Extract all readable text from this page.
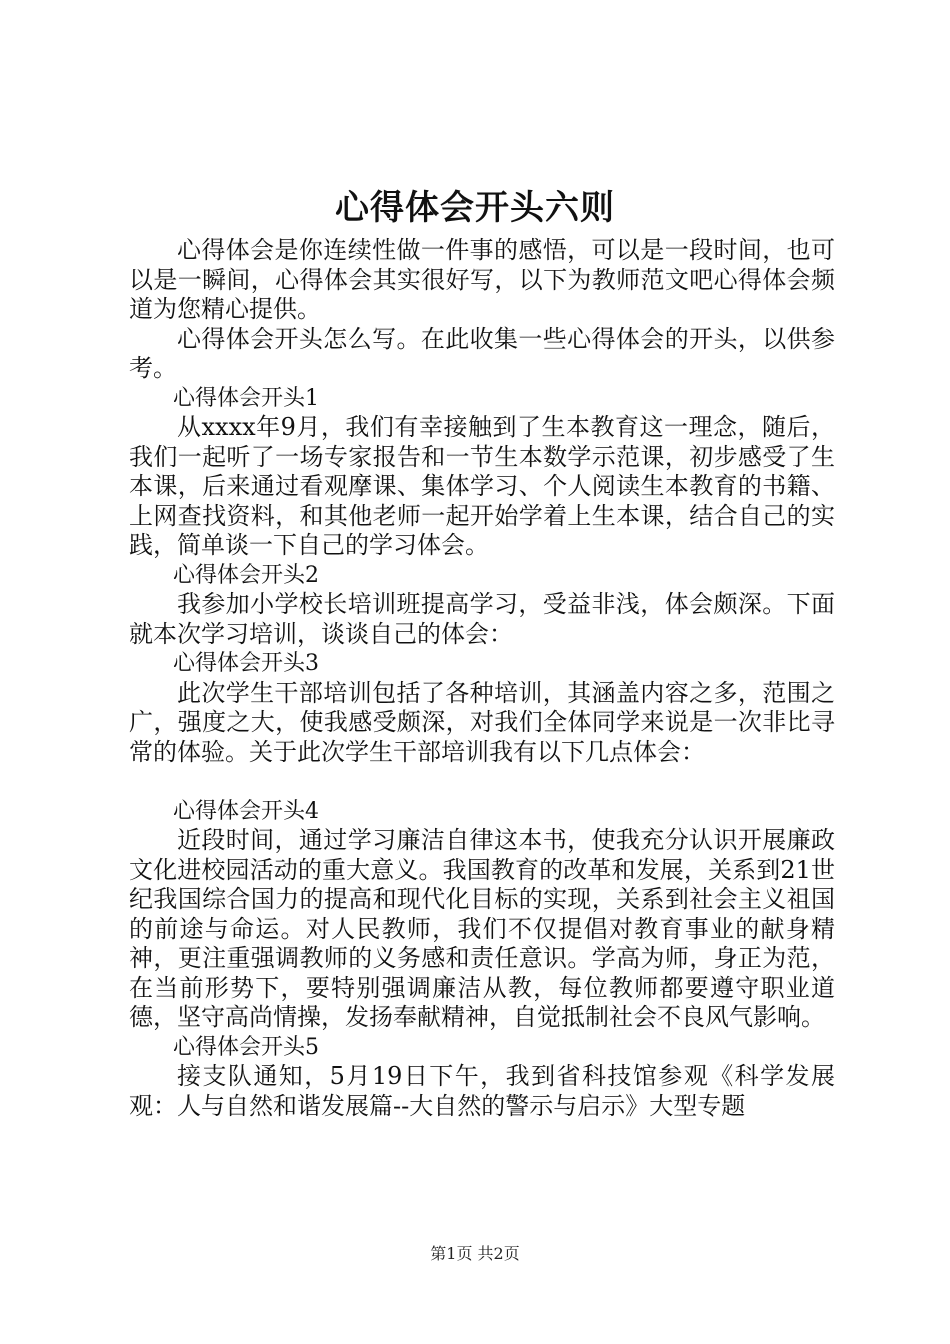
心得体会开头六则

心得体会是你连续性做一件事的感悟，可以是一段时间，也可以是一瞬间，心得体会其实很好写，以下为教师范文吧心得体会频道为您精心提供。

心得体会开头怎么写。在此收集一些心得体会的开头，以供参考。

心得体会开头1

从xxxx年9月，我们有幸接触到了生本教育这一理念，随后，我们一起听了一场专家报告和一节生本数学示范课，初步感受了生本课，后来通过看观摩课、集体学习、个人阅读生本教育的书籍、上网查找资料，和其他老师一起开始学着上生本课，结合自己的实践，简单谈一下自己的学习体会。

心得体会开头2

我参加小学校长培训班提高学习，受益非浅，体会颇深。下面就本次学习培训，谈谈自己的体会：

心得体会开头3

此次学生干部培训包括了各种培训，其涵盖内容之多，范围之广，强度之大，使我感受颇深，对我们全体同学来说是一次非比寻常的体验。关于此次学生干部培训我有以下几点体会：

心得体会开头4

近段时间，通过学习廉洁自律这本书，使我充分认识开展廉政文化进校园活动的重大意义。我国教育的改革和发展，关系到21世纪我国综合国力的提高和现代化目标的实现，关系到社会主义祖国的前途与命运。对人民教师，我们不仅提倡对教育事业的献身精神，更注重强调教师的义务感和责任意识。学高为师，身正为范，在当前形势下，要特别强调廉洁从教，每位教师都要遵守职业道德，坚守高尚情操，发扬奉献精神，自觉抵制社会不良风气影响。

心得体会开头5

接支队通知，5月19日下午，我到省科技馆参观《科学发展观：人与自然和谐发展篇--大自然的警示与启示》大型专题

第1页 共2页
